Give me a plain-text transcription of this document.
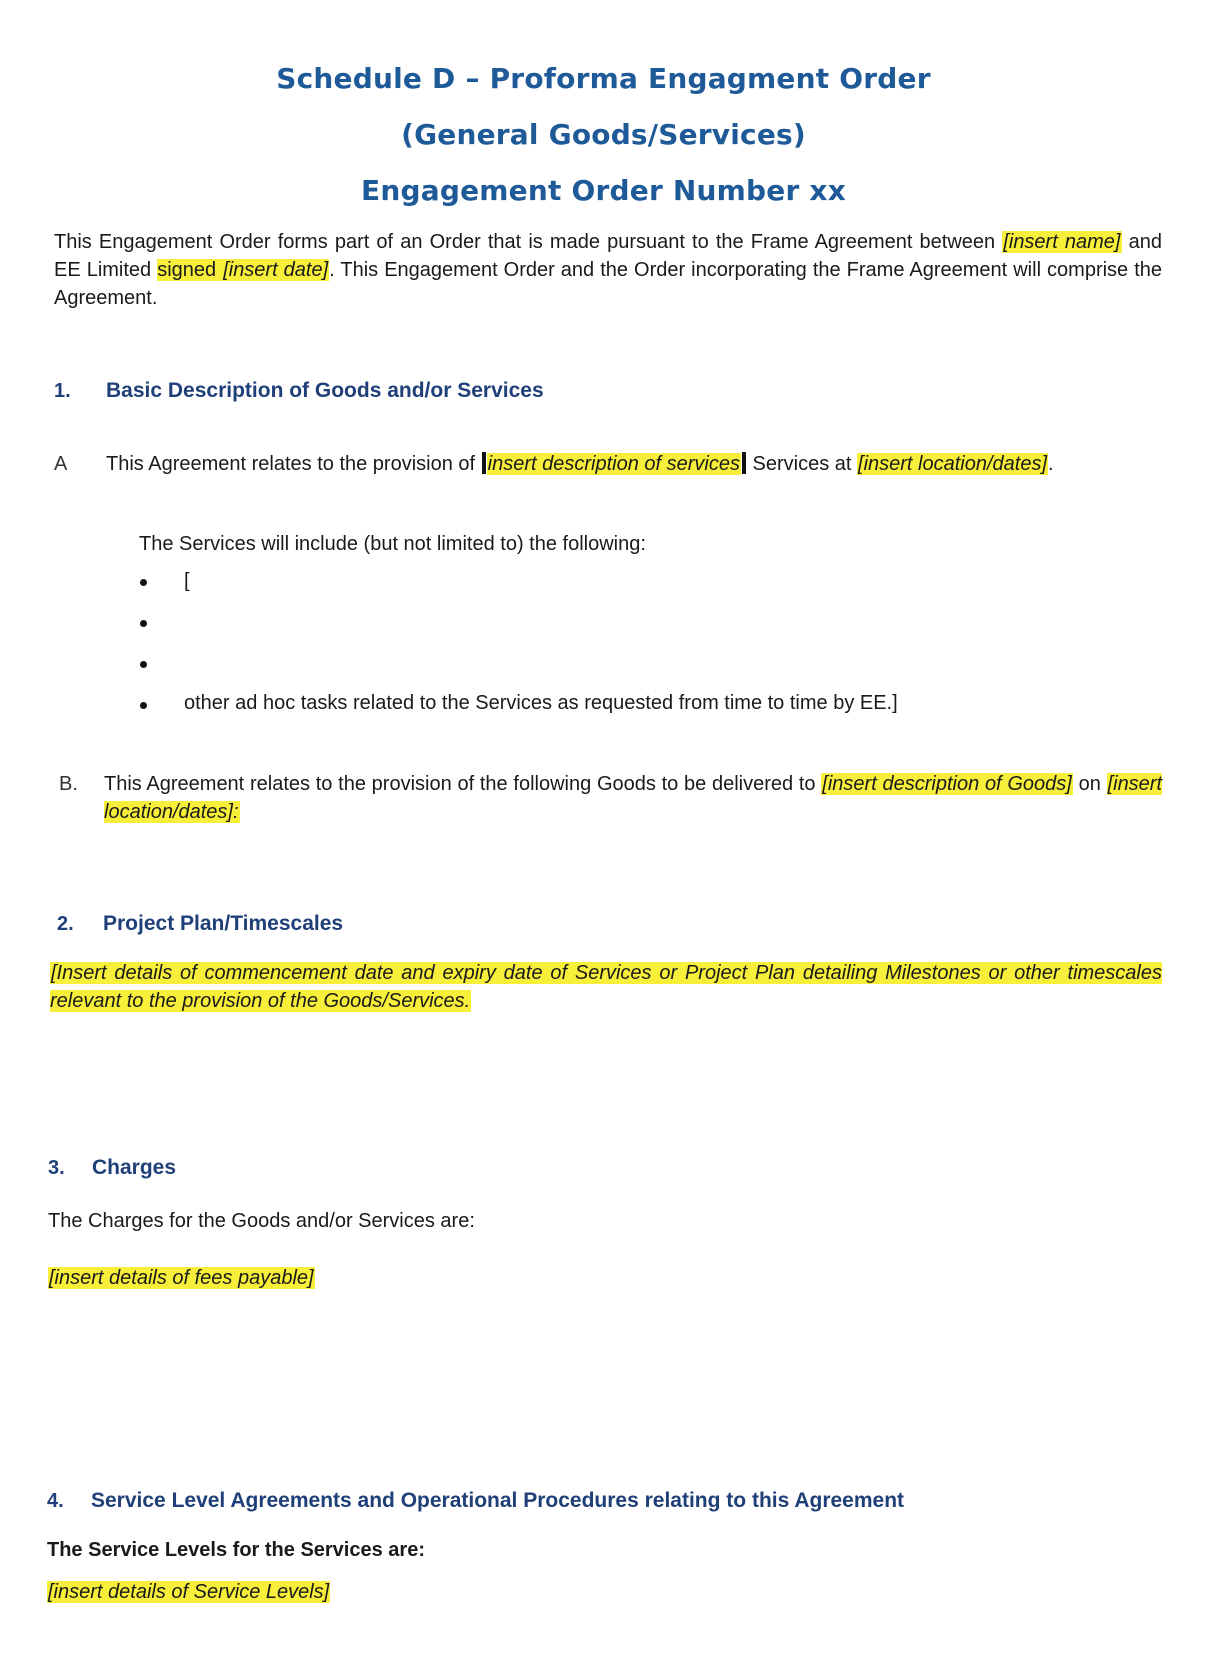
Schedule D – Proforma Engagment Order
(General Goods/Services)
Engagement Order Number xx
This Engagement Order forms part of an Order that is made pursuant to the Frame Agreement between [insert name] and EE Limited signed [insert date]. This Engagement Order and the Order incorporating the Frame Agreement will comprise the Agreement.
1. Basic Description of Goods and/or Services
A This Agreement relates to the provision of insert description of services Services at [insert location/dates].
The Services will include (but not limited to) the following:
[
other ad hoc tasks related to the Services as requested from time to time by EE.]
B. This Agreement relates to the provision of the following Goods to be delivered to [insert description of Goods] on [insert location/dates]:
2. Project Plan/Timescales
[Insert details of commencement date and expiry date of Services or Project Plan detailing Milestones or other timescales relevant to the provision of the Goods/Services.
3. Charges
The Charges for the Goods and/or Services are:
[insert details of fees payable]
4. Service Level Agreements and Operational Procedures relating to this Agreement
The Service Levels for the Services are:
[insert details of Service Levels]
